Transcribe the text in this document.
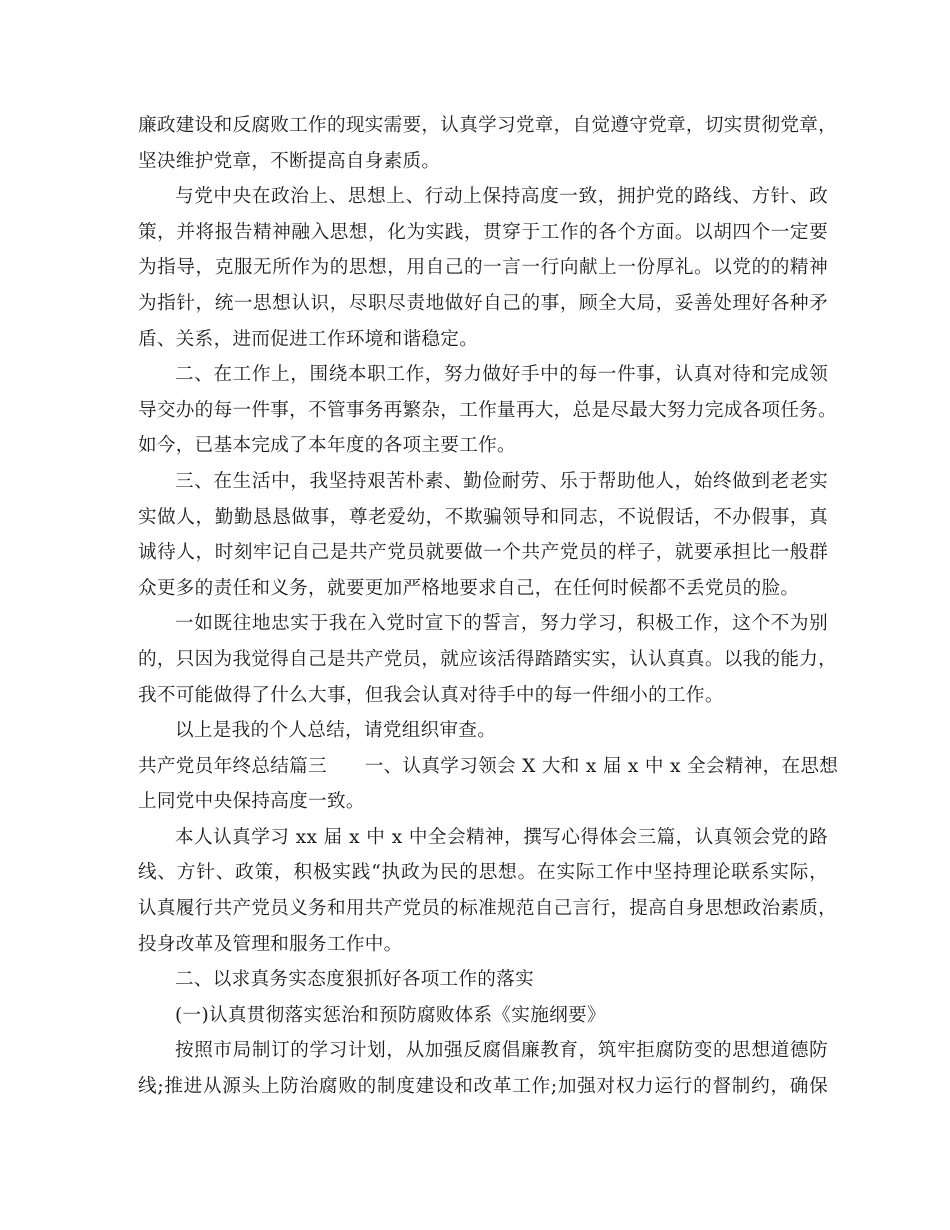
廉政建设和反腐败工作的现实需要，认真学习党章，自觉遵守党章，切实贯彻党章，
坚决维护党章，不断提高自身素质。
与党中央在政治上、思想上、行动上保持高度一致，拥护党的路线、方针、政
策，并将报告精神融入思想，化为实践，贯穿于工作的各个方面。以胡四个一定要
为指导，克服无所作为的思想，用自己的一言一行向献上一份厚礼。以党的的精神
为指针，统一思想认识，尽职尽责地做好自己的事，顾全大局，妥善处理好各种矛
盾、关系，进而促进工作环境和谐稳定。
二、在工作上，围绕本职工作，努力做好手中的每一件事，认真对待和完成领
导交办的每一件事，不管事务再繁杂，工作量再大，总是尽最大努力完成各项任务。
如今，已基本完成了本年度的各项主要工作。
三、在生活中，我坚持艰苦朴素、勤俭耐劳、乐于帮助他人，始终做到老老实
实做人，勤勤恳恳做事，尊老爱幼，不欺骗领导和同志，不说假话，不办假事，真
诚待人，时刻牢记自己是共产党员就要做一个共产党员的样子，就要承担比一般群
众更多的责任和义务，就要更加严格地要求自己，在任何时候都不丢党员的脸。
一如既往地忠实于我在入党时宣下的誓言，努力学习，积极工作，这个不为别
的，只因为我觉得自己是共产党员，就应该活得踏踏实实，认认真真。以我的能力，
我不可能做得了什么大事，但我会认真对待手中的每一件细小的工作。
以上是我的个人总结，请党组织审查。
共产党员年终总结篇三　　一、认真学习领会 X 大和 x 届 x 中 x 全会精神，在思想
上同党中央保持高度一致。
本人认真学习 xx 届 x 中 x 中全会精神，撰写心得体会三篇，认真领会党的路
线、方针、政策，积极实践“执政为民的思想。在实际工作中坚持理论联系实际，
认真履行共产党员义务和用共产党员的标准规范自己言行，提高自身思想政治素质，
投身改革及管理和服务工作中。
二、以求真务实态度狠抓好各项工作的落实
(一)认真贯彻落实惩治和预防腐败体系《实施纲要》
按照市局制订的学习计划，从加强反腐倡廉教育，筑牢拒腐防变的思想道德防
线;推进从源头上防治腐败的制度建设和改革工作;加强对权力运行的督制约，确保
